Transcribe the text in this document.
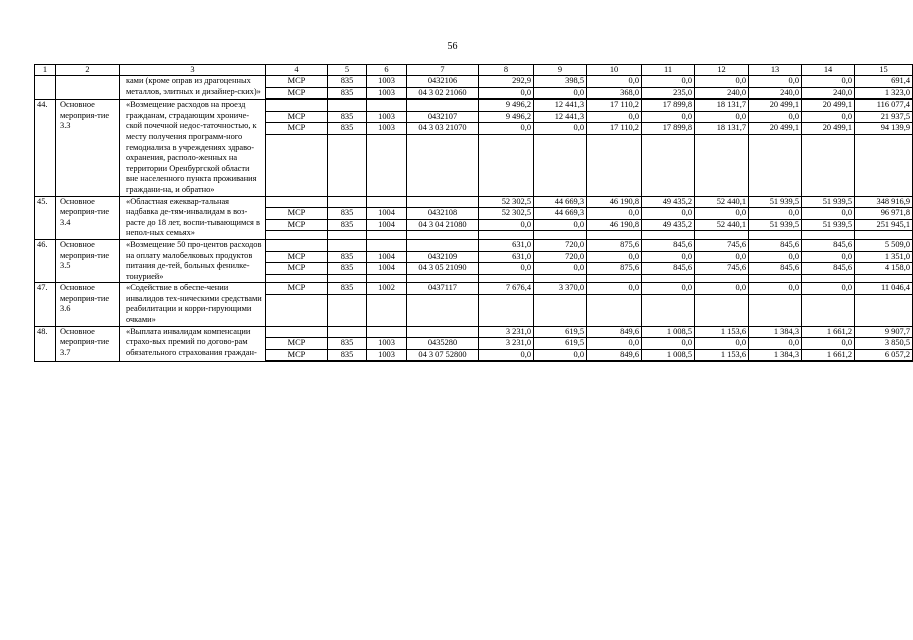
56
1	2	3	4	5	6	7	8	9	10	11	12	13	14	15
		ками (кроме оправ из драгоценных металлов, элитных и дизайнер-ских)»	МСР	835	1003	0432106	292,9	398,5	0,0	0,0	0,0	0,0	0,0	691,4
			МСР	835	1003	04 3 02 21060	0,0	0,0	368,0	235,0	240,0	240,0	240,0	1 323,0

44.	Основное мероприя-тие 3.3	«Возмещение расходов на проезд гражданам, страдающим хрониче-ской почечной недос-таточностью, к месту получения программ-ного гемодиализа в учреждениях здраво-охранения, располо-женных на территории Оренбургской области вне населенного пункта проживания граждани-на, и обратно»					9 496,2	12 441,3	17 110,2	17 899,8	18 131,7	20 499,1	20 499,1	116 077,4
			МСР	835	1003	0432107	9 496,2	12 441,3	0,0	0,0	0,0	0,0	0,0	21 937,5
			МСР	835	1003	04 3 03 21070	0,0	0,0	17 110,2	17 899,8	18 131,7	20 499,1	20 499,1	94 139,9

45.	Основное мероприя-тие 3.4	«Областная ежеквар-тальная надбавка де-тям-инвалидам в воз-расте до 18 лет, воспи-тывающимся в непол-ных семьях»					52 302,5	44 669,3	46 190,8	49 435,2	52 440,1	51 939,5	51 939,5	348 916,9
			МСР	835	1004	0432108	52 302,5	44 669,3	0,0	0,0	0,0	0,0	0,0	96 971,8
			МСР	835	1004	04 3 04 21080	0,0	0,0	46 190,8	49 435,2	52 440,1	51 939,5	51 939,5	251 945,1

46.	Основное мероприя-тие 3.5	«Возмещение 50 про-центов расходов на оплату малобелковых продуктов питания де-тей, больных фенилке-тонурией»					631,0	720,0	875,6	845,6	745,6	845,6	845,6	5 509,0
			МСР	835	1004	0432109	631,0	720,0	0,0	0,0	0,0	0,0	0,0	1 351,0
			МСР	835	1004	04 3 05 21090	0,0	0,0	875,6	845,6	745,6	845,6	845,6	4 158,0

47.	Основное мероприя-тие 3.6	«Содействие в обеспе-чении инвалидов тех-ническими средствами реабилитации и корри-гирующими очками»	МСР	835	1002	0437117	7 676,4	3 370,0	0,0	0,0	0,0	0,0	0,0	11 046,4

48.	Основное мероприя-тие 3.7	«Выплата инвалидам компенсации страхо-вых премий по догово-рам обязательного страхования граждан-					3 231,0	619,5	849,6	1 008,5	1 153,6	1 384,3	1 661,2	9 907,7
			МСР	835	1003	0435280	3 231,0	619,5	0,0	0,0	0,0	0,0	0,0	3 850,5
			МСР	835	1003	04 3 07 52800	0,0	0,0	849,6	1 008,5	1 153,6	1 384,3	1 661,2	6 057,2
